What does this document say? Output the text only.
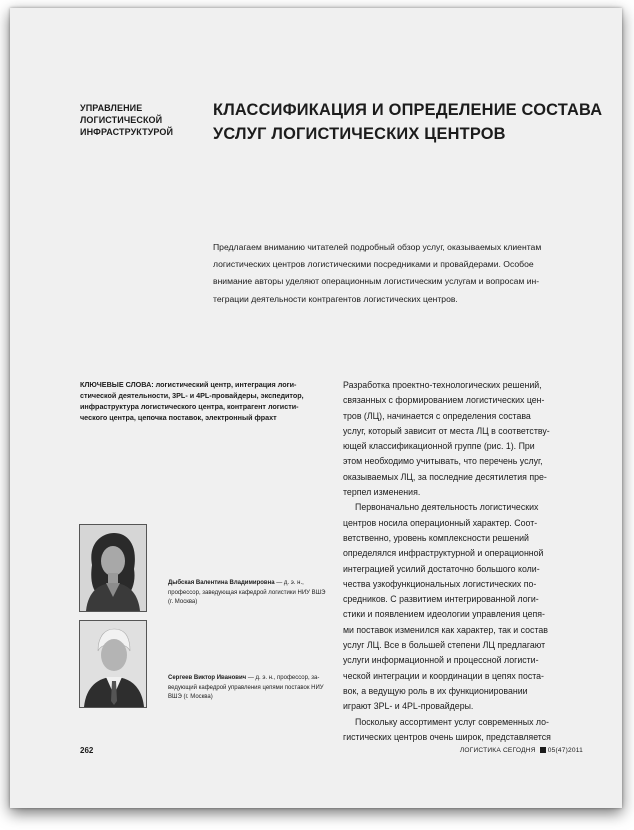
УПРАВЛЕНИЕ
ЛОГИСТИЧЕСКОЙ
ИНФРАСТРУКТУРОЙ
КЛАССИФИКАЦИЯ И ОПРЕДЕЛЕНИЕ СОСТАВА
УСЛУГ ЛОГИСТИЧЕСКИХ ЦЕНТРОВ
Предлагаем вниманию читателей подробный обзор услуг, оказываемых клиентам
логистических центров логистическими посредниками и провайдерами. Особое
внимание авторы уделяют операционным логистическим услугам и вопросам ин-
теграции деятельности контрагентов логистических центров.
КЛЮЧЕВЫЕ СЛОВА: логистический центр, интеграция логи-
стической деятельности, 3PL- и 4PL-провайдеры, экспедитор,
инфраструктура логистического центра, контрагент логисти-
ческого центра, цепочка поставок, электронный фрахт
Разработка проектно-технологических решений,
связанных с формированием логистических цен-
тров (ЛЦ), начинается с определения состава
услуг, который зависит от места ЛЦ в соответству-
ющей классификационной группе (рис. 1). При
этом необходимо учитывать, что перечень услуг,
оказываемых ЛЦ, за последние десятилетия пре-
терпел изменения.
Первоначально деятельность логистических
центров носила операционный характер. Соот-
ветственно, уровень комплексности решений
определялся инфраструктурной и операционной
интеграцией усилий достаточно большого коли-
чества узкофункциональных логистических по-
средников. С развитием интегрированной логи-
стики и появлением идеологии управления цепя-
ми поставок изменился как характер, так и состав
услуг ЛЦ. Все в большей степени ЛЦ предлагают
услуги информационной и процессной логисти-
ческой интеграции и координации в цепях поста-
вок, а ведущую роль в их функционировании
играют 3PL- и 4PL-провайдеры.
Поскольку ассортимент услуг современных ло-
гистических центров очень широк, представляется
Дыбская Валентина Владимировна — д. э. н.,
профессор, заведующая кафедрой логистики НИУ ВШЭ
(г. Москва)
Сергеев Виктор Иванович — д. э. н., профессор, за-
ведующий кафедрой управления цепями поставок НИУ
ВШЭ (г. Москва)
262	ЛОГИСТИКА СЕГОДНЯ 05(47)2011
